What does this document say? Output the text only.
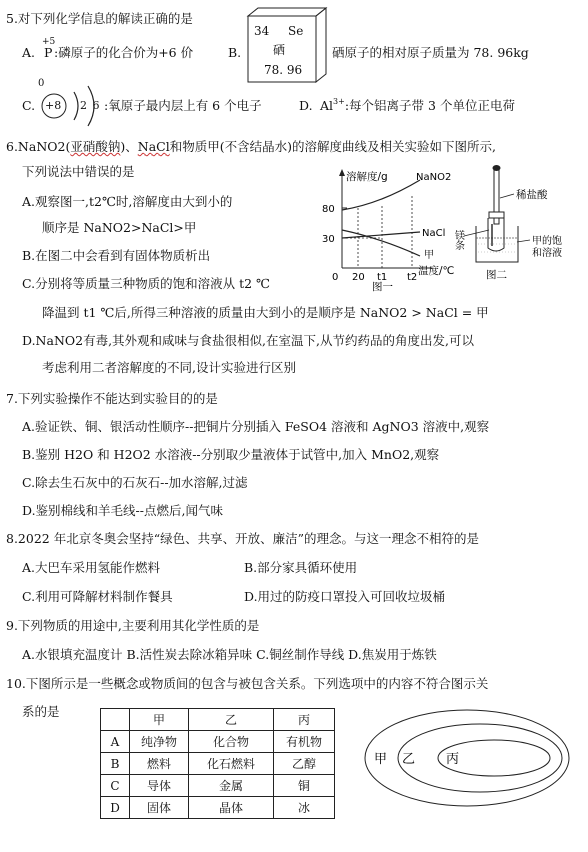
5.对下列化学信息的解读正确的是
A.
+5
P :磷原子的化合价为+6 价	B.
34 Se
硒
78. 96
硒原子的相对原子质量为 78. 96kg
C.
0
+8 2 6 :氧原子最内层上有 6 个电子	D. $Al^{3+}$:每个铝离子带 3 个单位正电荷
6.NaNO2(亚硝酸钠)、NaCl和物质甲(不含结晶水)的溶解度曲线及相关实验如下图所示,
下列说法中错误的是
A.观察图一,t2℃时,溶解度由大到小的
顺序是 NaNO2>NaCl>甲
B.在图二中会看到有固体物质析出
C.分别将等质量三种物质的饱和溶液从 t2 ℃
降温到 t1 ℃后,所得三种溶液的质量由大到小的是顺序是 NaNO2 > NaCl = 甲
D.NaNO2有毒,其外观和咸味与食盐很相似,在室温下,从节约药品的角度出发,可以
考虑利用二者溶解度的不同,设计实验进行区别
80
30
0 20 t1 t2
溶解度/g	NaNO2
NaCl
甲
温度/℃
图一
稀盐酸
镁条	甲的饱
和溶液
图二
7.下列实验操作不能达到实验目的的是
A.验证铁、铜、银活动性顺序--把铜片分别插入 FeSO4 溶液和 AgNO3 溶液中,观察
B.鉴别 H2O 和 H2O2 水溶液--分别取少量液体于试管中,加入 MnO2,观察
C.除去生石灰中的石灰石--加水溶解,过滤
D.鉴别棉线和羊毛线--点燃后,闻气味
8.2022 年北京冬奥会坚持“绿色、共享、开放、廉洁”的理念。与这一理念不相符的是
A.大巴车采用氢能作燃料	B.部分家具循环使用
C.利用可降解材料制作餐具	D.用过的防疫口罩投入可回收垃圾桶
9.下列物质的用途中,主要利用其化学性质的是
A.水银填充温度计 B.活性炭去除冰箱异味 C.铜丝制作导线 D.焦炭用于炼铁
10.下图所示是一些概念或物质间的包含与被包含关系。下列选项中的内容不符合图示关
系的是
	甲	乙	丙
A	纯净物	化合物	有机物
B	燃料	化石燃料	乙醇
C	导体	金属	铜
D	固体	晶体	冰
甲 乙 丙
